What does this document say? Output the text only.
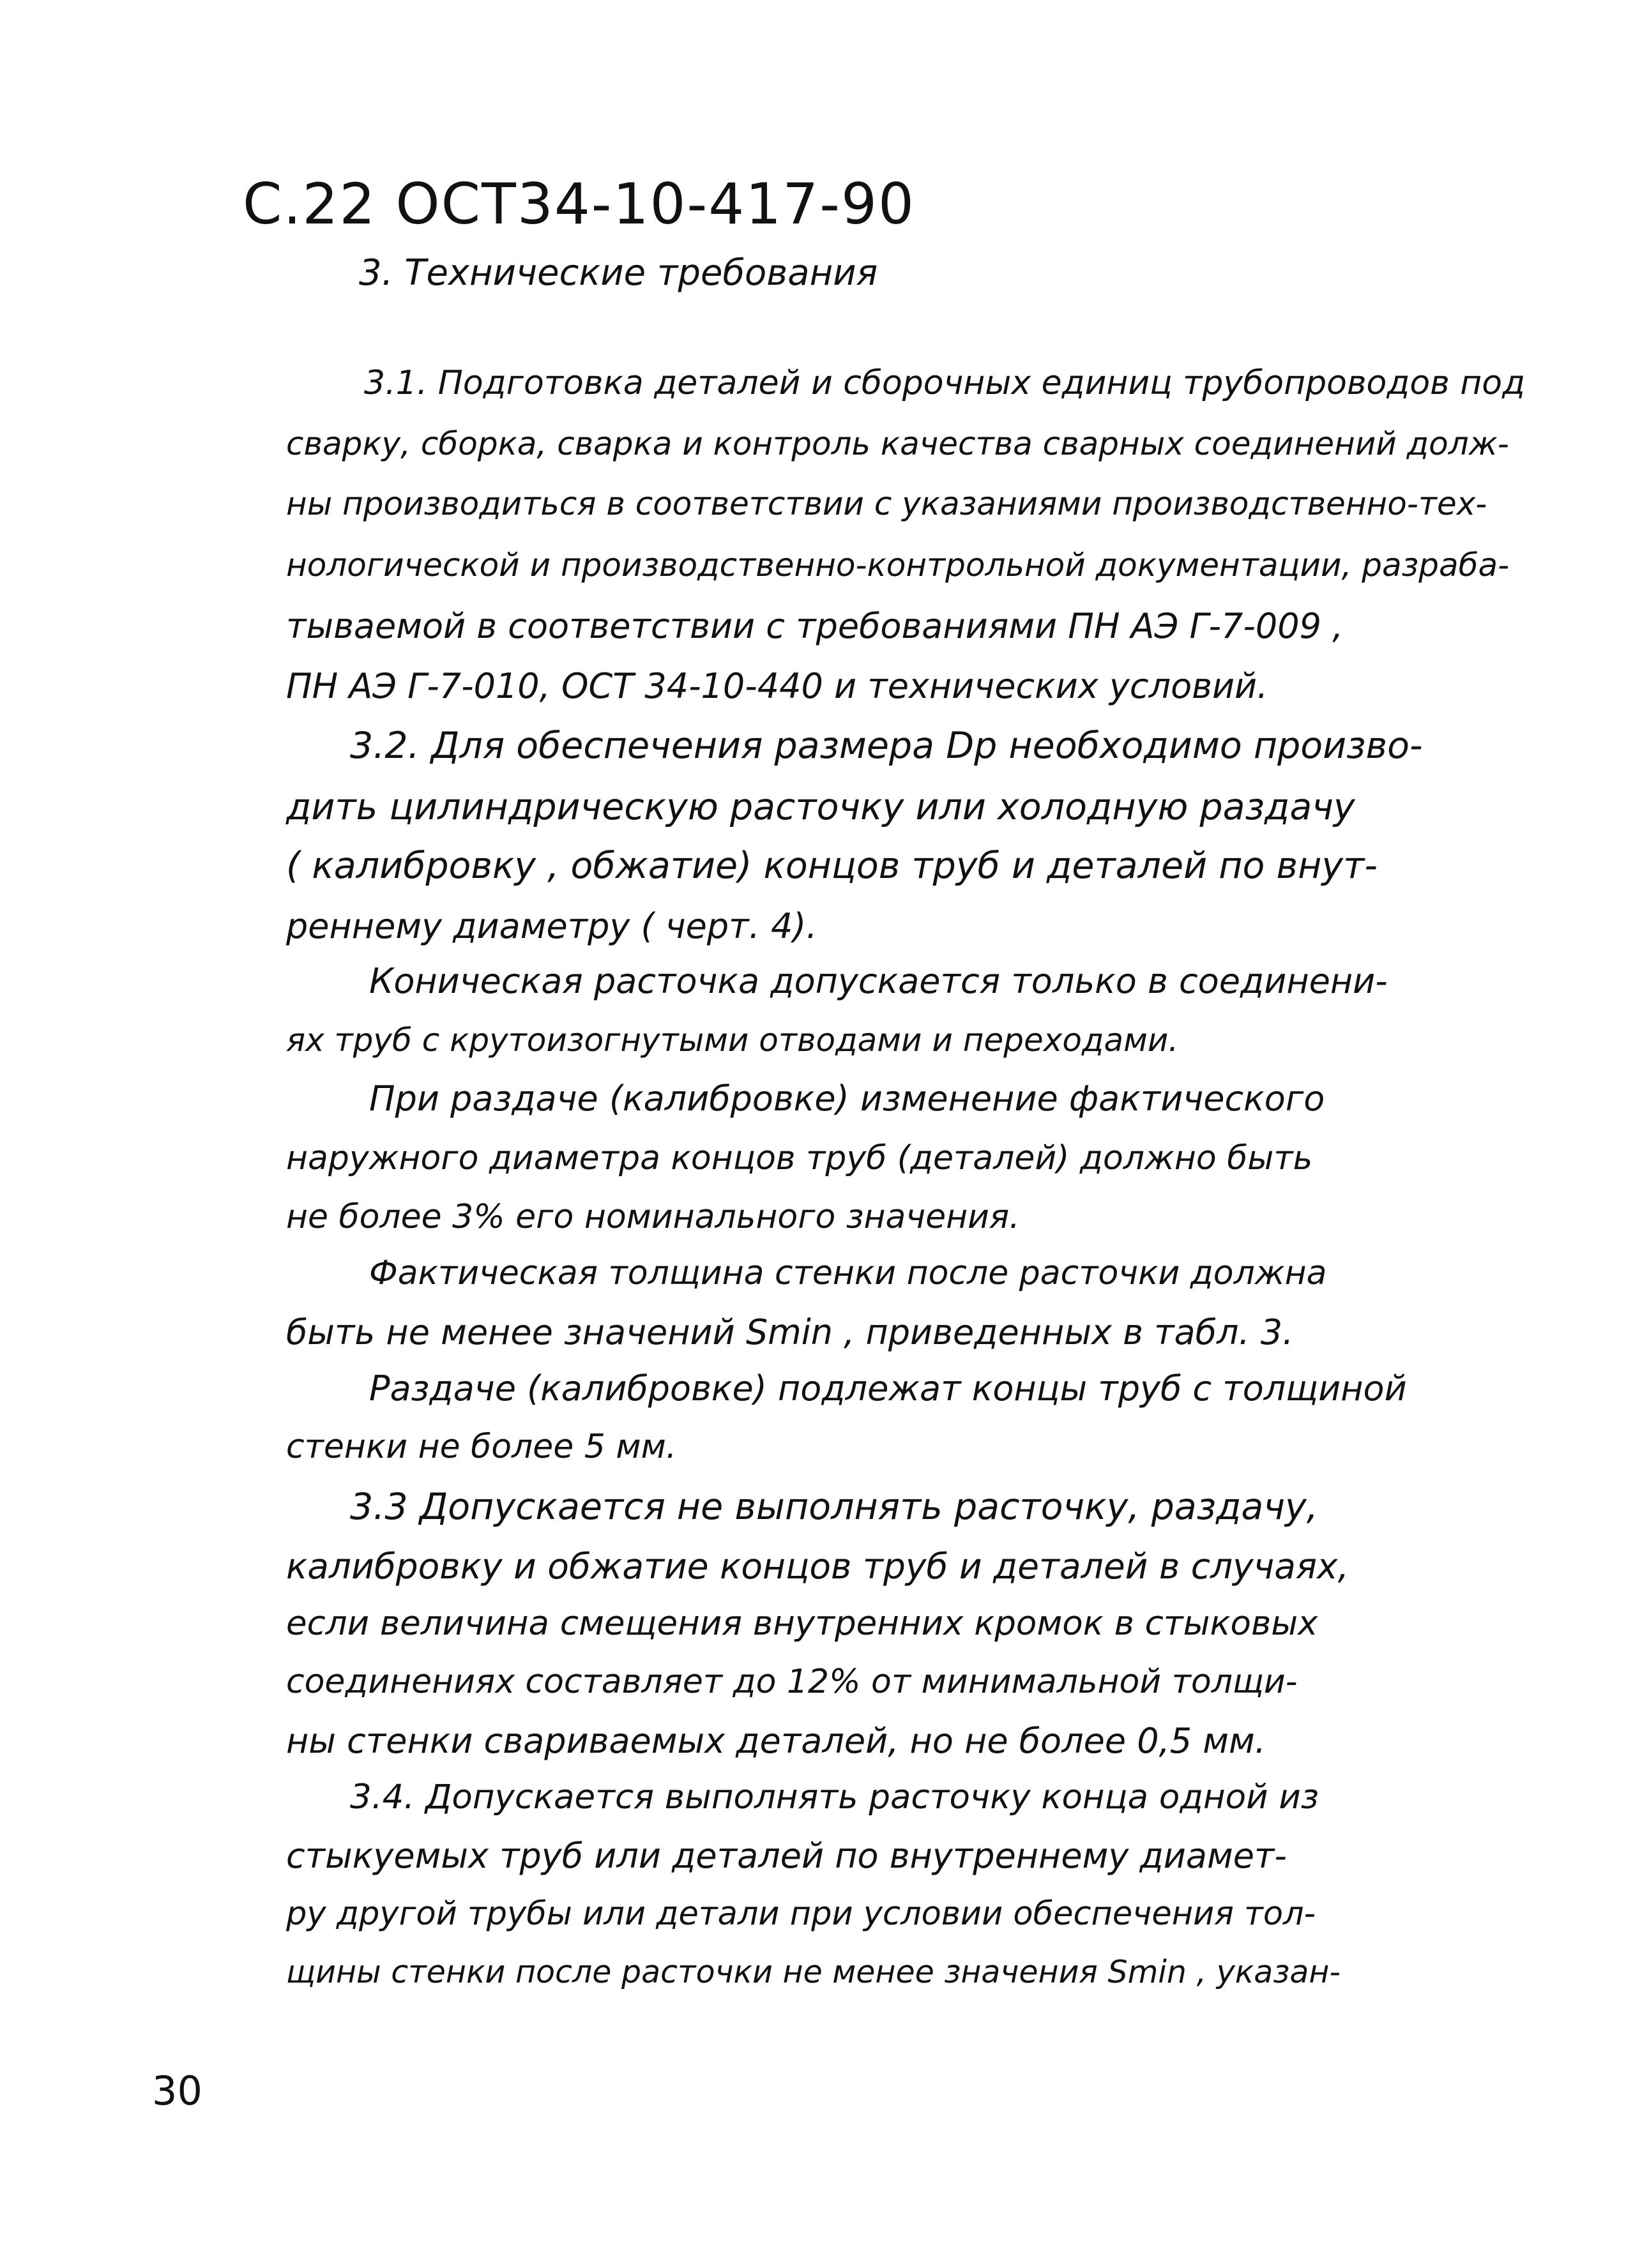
С.22 ОСТ34-10-417-90
3. Технические требования
3.1. Подготовка деталей и сборочных единиц трубопроводов под
сварку, сборка, сварка и контроль качества сварных соединений долж-
ны производиться в соответствии с указаниями производственно-тех-
нологической и производственно-контрольной документации, разраба-
тываемой в соответствии с требованиями ПН АЭ Г-7-009 ,
ПН АЭ Г-7-010, ОСТ 34-10-440 и технических условий.
3.2. Для обеспечения размера Dр необходимо произво-
дить цилиндрическую расточку или холодную раздачу
( калибровку , обжатие) концов труб и деталей по внут-
реннему диаметру ( черт. 4).
Коническая расточка допускается только в соединени-
ях труб с крутоизогнутыми отводами и переходами.
При раздаче (калибровке) изменение фактического
наружного диаметра концов труб (деталей) должно быть
не более 3% его номинального значения.
Фактическая толщина стенки после расточки должна
быть не менее значений Smin , приведенных в табл. 3.
Раздаче (калибровке) подлежат концы труб с толщиной
стенки не более 5 мм.
3.3 Допускается не выполнять расточку, раздачу,
калибровку и обжатие концов труб и деталей в случаях,
если величина смещения внутренних кромок в стыковых
соединениях составляет до 12% от минимальной толщи-
ны стенки свариваемых деталей, но не более 0,5 мм.
3.4. Допускается выполнять расточку конца одной из
стыкуемых труб или деталей по внутреннему диамет-
ру другой трубы или детали при условии обеспечения тол-
щины стенки после расточки не менее значения Smin , указан-
30
